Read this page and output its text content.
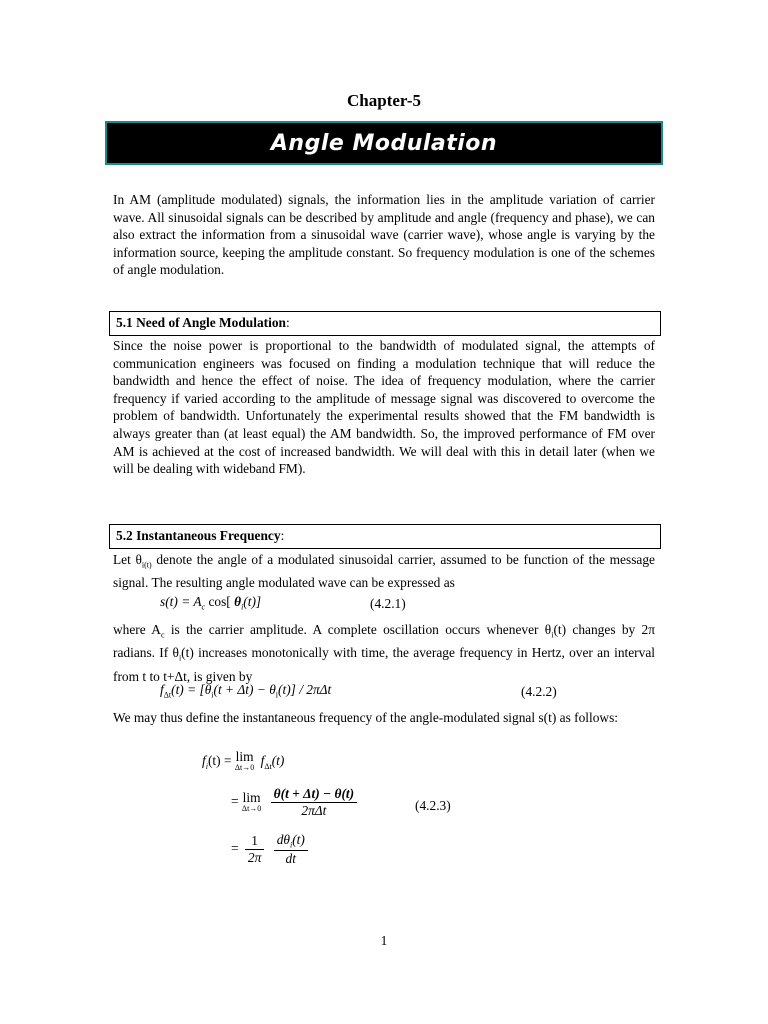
Chapter-5
Angle Modulation

In AM (amplitude modulated) signals, the information lies in the amplitude variation of carrier wave. All sinusoidal signals can be described by amplitude and angle (frequency and phase), we can also extract the information from a sinusoidal wave (carrier wave), whose angle is varying by the information source, keeping the amplitude constant. So frequency modulation is one of the schemes of angle modulation.

5.1 Need of Angle Modulation:

Since the noise power is proportional to the bandwidth of modulated signal, the attempts of communication engineers was focused on finding a modulation technique that will reduce the bandwidth and hence the effect of noise. The idea of frequency modulation, where the carrier frequency if varied according to the amplitude of message signal was discovered to overcome the problem of bandwidth. Unfortunately the experimental results showed that the FM bandwidth is always greater than (at least equal) the AM bandwidth. So, the improved performance of FM over AM is achieved at the cost of increased bandwidth. We will deal with this in detail later (when we will be dealing with wideband FM).

5.2 Instantaneous Frequency:

Let $\theta_{i(t)}$ denote the angle of a modulated sinusoidal carrier, assumed to be function of the message signal. The resulting angle modulated wave can be expressed as

$s(t) = A_c$ cos[ $\theta_i(t)$]	(4.2.1)

where $A_c$ is the carrier amplitude. A complete oscillation occurs whenever $\theta_i(t)$ changes by 2π radians. If $\theta_i(t)$ increases monotonically with time, the average frequency in Hertz, over an interval from t to t+Δt, is given by

$f_{\Delta t}(t) = [\theta_i(t + \Delta t) - \theta_i(t)] / 2\pi\Delta t$	(4.2.2)

We may thus define the instantaneous frequency of the angle-modulated signal s(t) as follows:

$f_i(t) = \lim$
Δt→0 $f_{\Delta t}(t)$
= lim
Δt→0
$\frac{\theta(t + \Delta t) - \theta(t)}{\text{2πΔt}}$	(4.2.3)
= $\frac{1}{2\pi}$
$\frac{d\theta_i(t)}{dt}$
1
